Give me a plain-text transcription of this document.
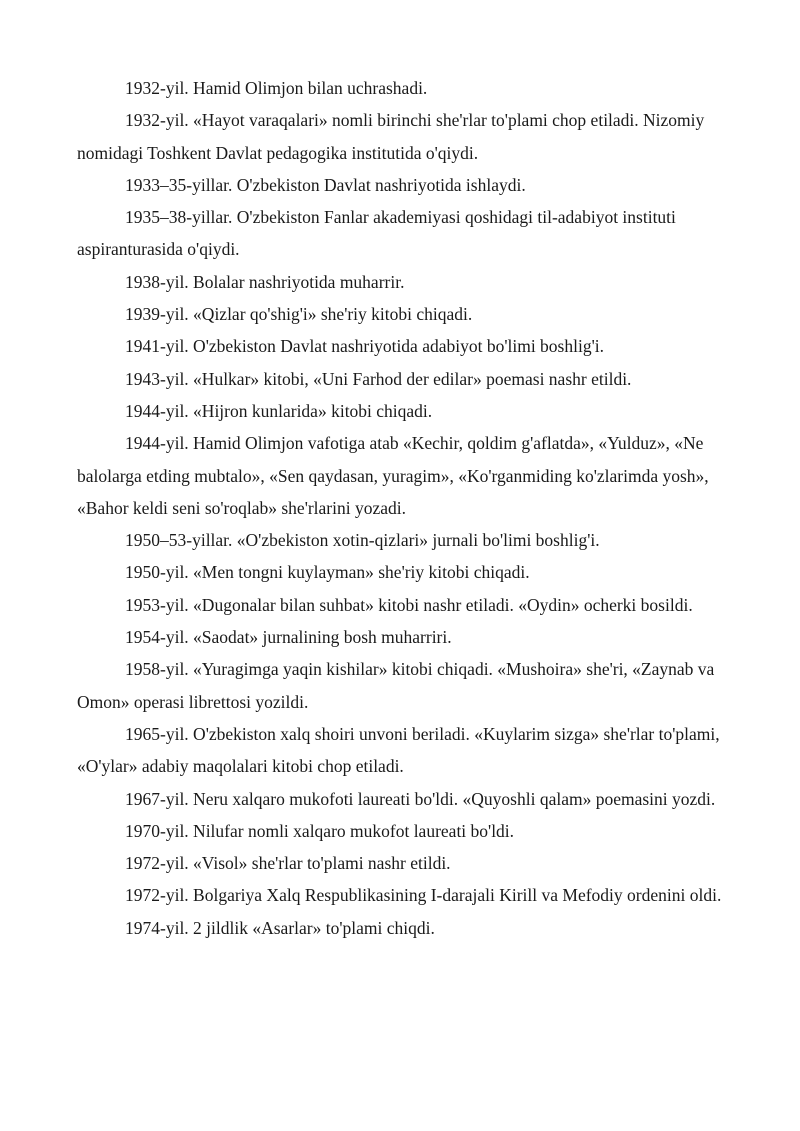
1932-yil. Hamid Olimjon bilan uchrashadi.

1932-yil. «Hayot varaqalari» nomli birinchi she'rlar to'plami chop etiladi. Nizomiy nomidagi Toshkent Davlat pedagogika institutida o'qiydi.

1933–35-yillar. O'zbekiston Davlat nashriyotida ishlaydi.

1935–38-yillar. O'zbekiston Fanlar akademiyasi qoshidagi til-adabiyot instituti aspiranturasida o'qiydi.

1938-yil. Bolalar nashriyotida muharrir.

1939-yil. «Qizlar qo'shig'i» she'riy kitobi chiqadi.

1941-yil. O'zbekiston Davlat nashriyotida adabiyot bo'limi boshlig'i.

1943-yil. «Hulkar» kitobi, «Uni Farhod der edilar» poemasi nashr etildi.

1944-yil. «Hijron kunlarida» kitobi chiqadi.

1944-yil. Hamid Olimjon vafotiga atab «Kechir, qoldim g'aflatda», «Yulduz», «Ne balolarga etding mubtalo», «Sen qaydasan, yuragim», «Ko'rganmiding ko'zlarimda yosh», «Bahor keldi seni so'roqlab» she'rlarini yozadi.

1950–53-yillar. «O'zbekiston xotin-qizlari» jurnali bo'limi boshlig'i.

1950-yil. «Men tongni kuylayman» she'riy kitobi chiqadi.

1953-yil. «Dugonalar bilan suhbat» kitobi nashr etiladi. «Oydin» ocherki bosildi.

1954-yil. «Saodat» jurnalining bosh muharriri.

1958-yil. «Yuragimga yaqin kishilar» kitobi chiqadi. «Mushoira» she'ri, «Zaynab va Omon» operasi librettosi yozildi.

1965-yil. O'zbekiston xalq shoiri unvoni beriladi. «Kuylarim sizga» she'rlar to'plami, «O'ylar» adabiy maqolalari kitobi chop etiladi.

1967-yil. Neru xalqaro mukofoti laureati bo'ldi. «Quyoshli qalam» poemasini yozdi.

1970-yil. Nilufar nomli xalqaro mukofot laureati bo'ldi.

1972-yil. «Visol» she'rlar to'plami nashr etildi.

1972-yil. Bolgariya Xalq Respublikasining I-darajali Kirill va Mefodiy ordenini oldi.

1974-yil. 2 jildlik «Asarlar» to'plami chiqdi.
